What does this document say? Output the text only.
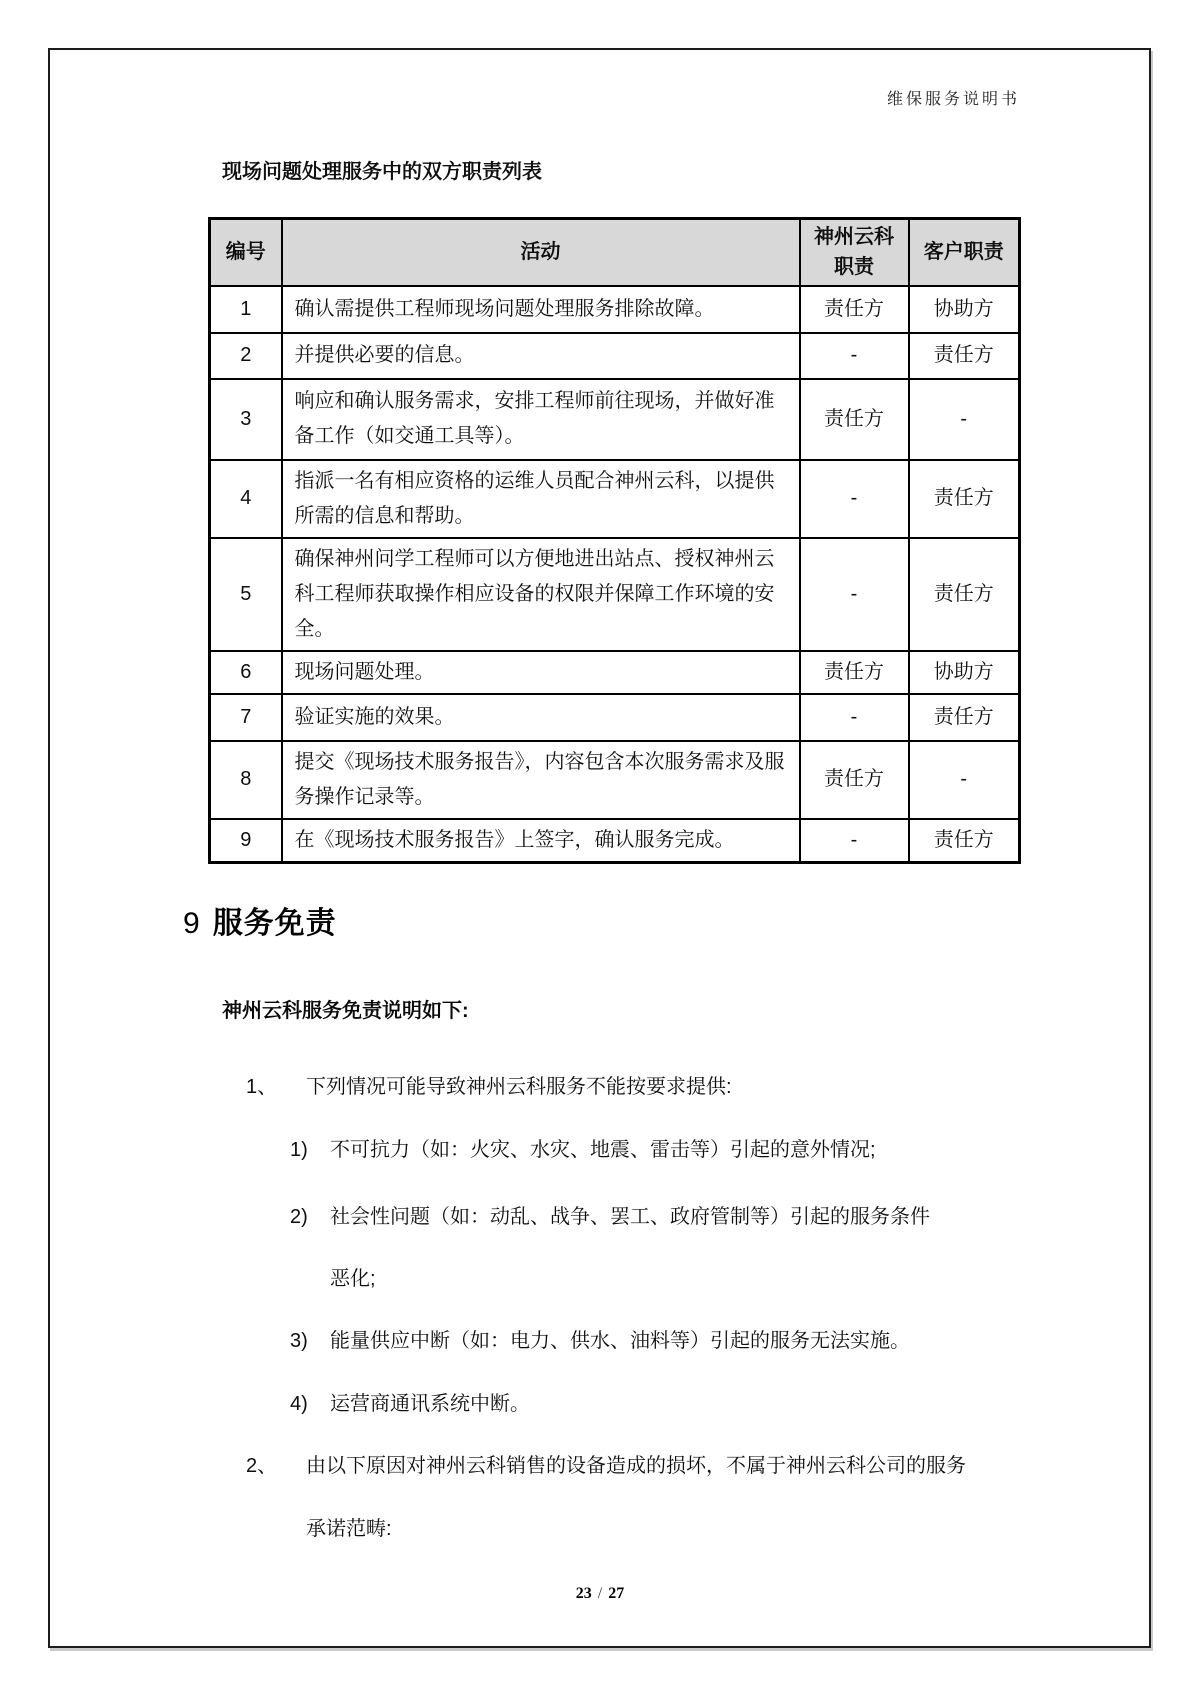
维保服务说明书
现场问题处理服务中的双方职责列表
编号	活动	神州云科职责	客户职责
1	确认需提供工程师现场问题处理服务排除故障。	责任方	协助方
2	并提供必要的信息。	-	责任方
3	响应和确认服务需求，安排工程师前往现场，并做好准备工作（如交通工具等）。	责任方	-
4	指派一名有相应资格的运维人员配合神州云科，以提供所需的信息和帮助。	-	责任方
5	确保神州问学工程师可以方便地进出站点、授权神州云科工程师获取操作相应设备的权限并保障工作环境的安全。	-	责任方
6	现场问题处理。	责任方	协助方
7	验证实施的效果。	-	责任方
8	提交《现场技术服务报告》，内容包含本次服务需求及服务操作记录等。	责任方	-
9	在《现场技术服务报告》上签字，确认服务完成。	-	责任方
9 服务免责
神州云科服务免责说明如下:
1、 下列情况可能导致神州云科服务不能按要求提供:
1) 不可抗力（如：火灾、水灾、地震、雷击等）引起的意外情况;
2) 社会性问题（如：动乱、战争、罢工、政府管制等）引起的服务条件
恶化;
3) 能量供应中断（如：电力、供水、油料等）引起的服务无法实施。
4) 运营商通讯系统中断。
2、 由以下原因对神州云科销售的设备造成的损坏，不属于神州云科公司的服务
承诺范畴:
23 / 27
